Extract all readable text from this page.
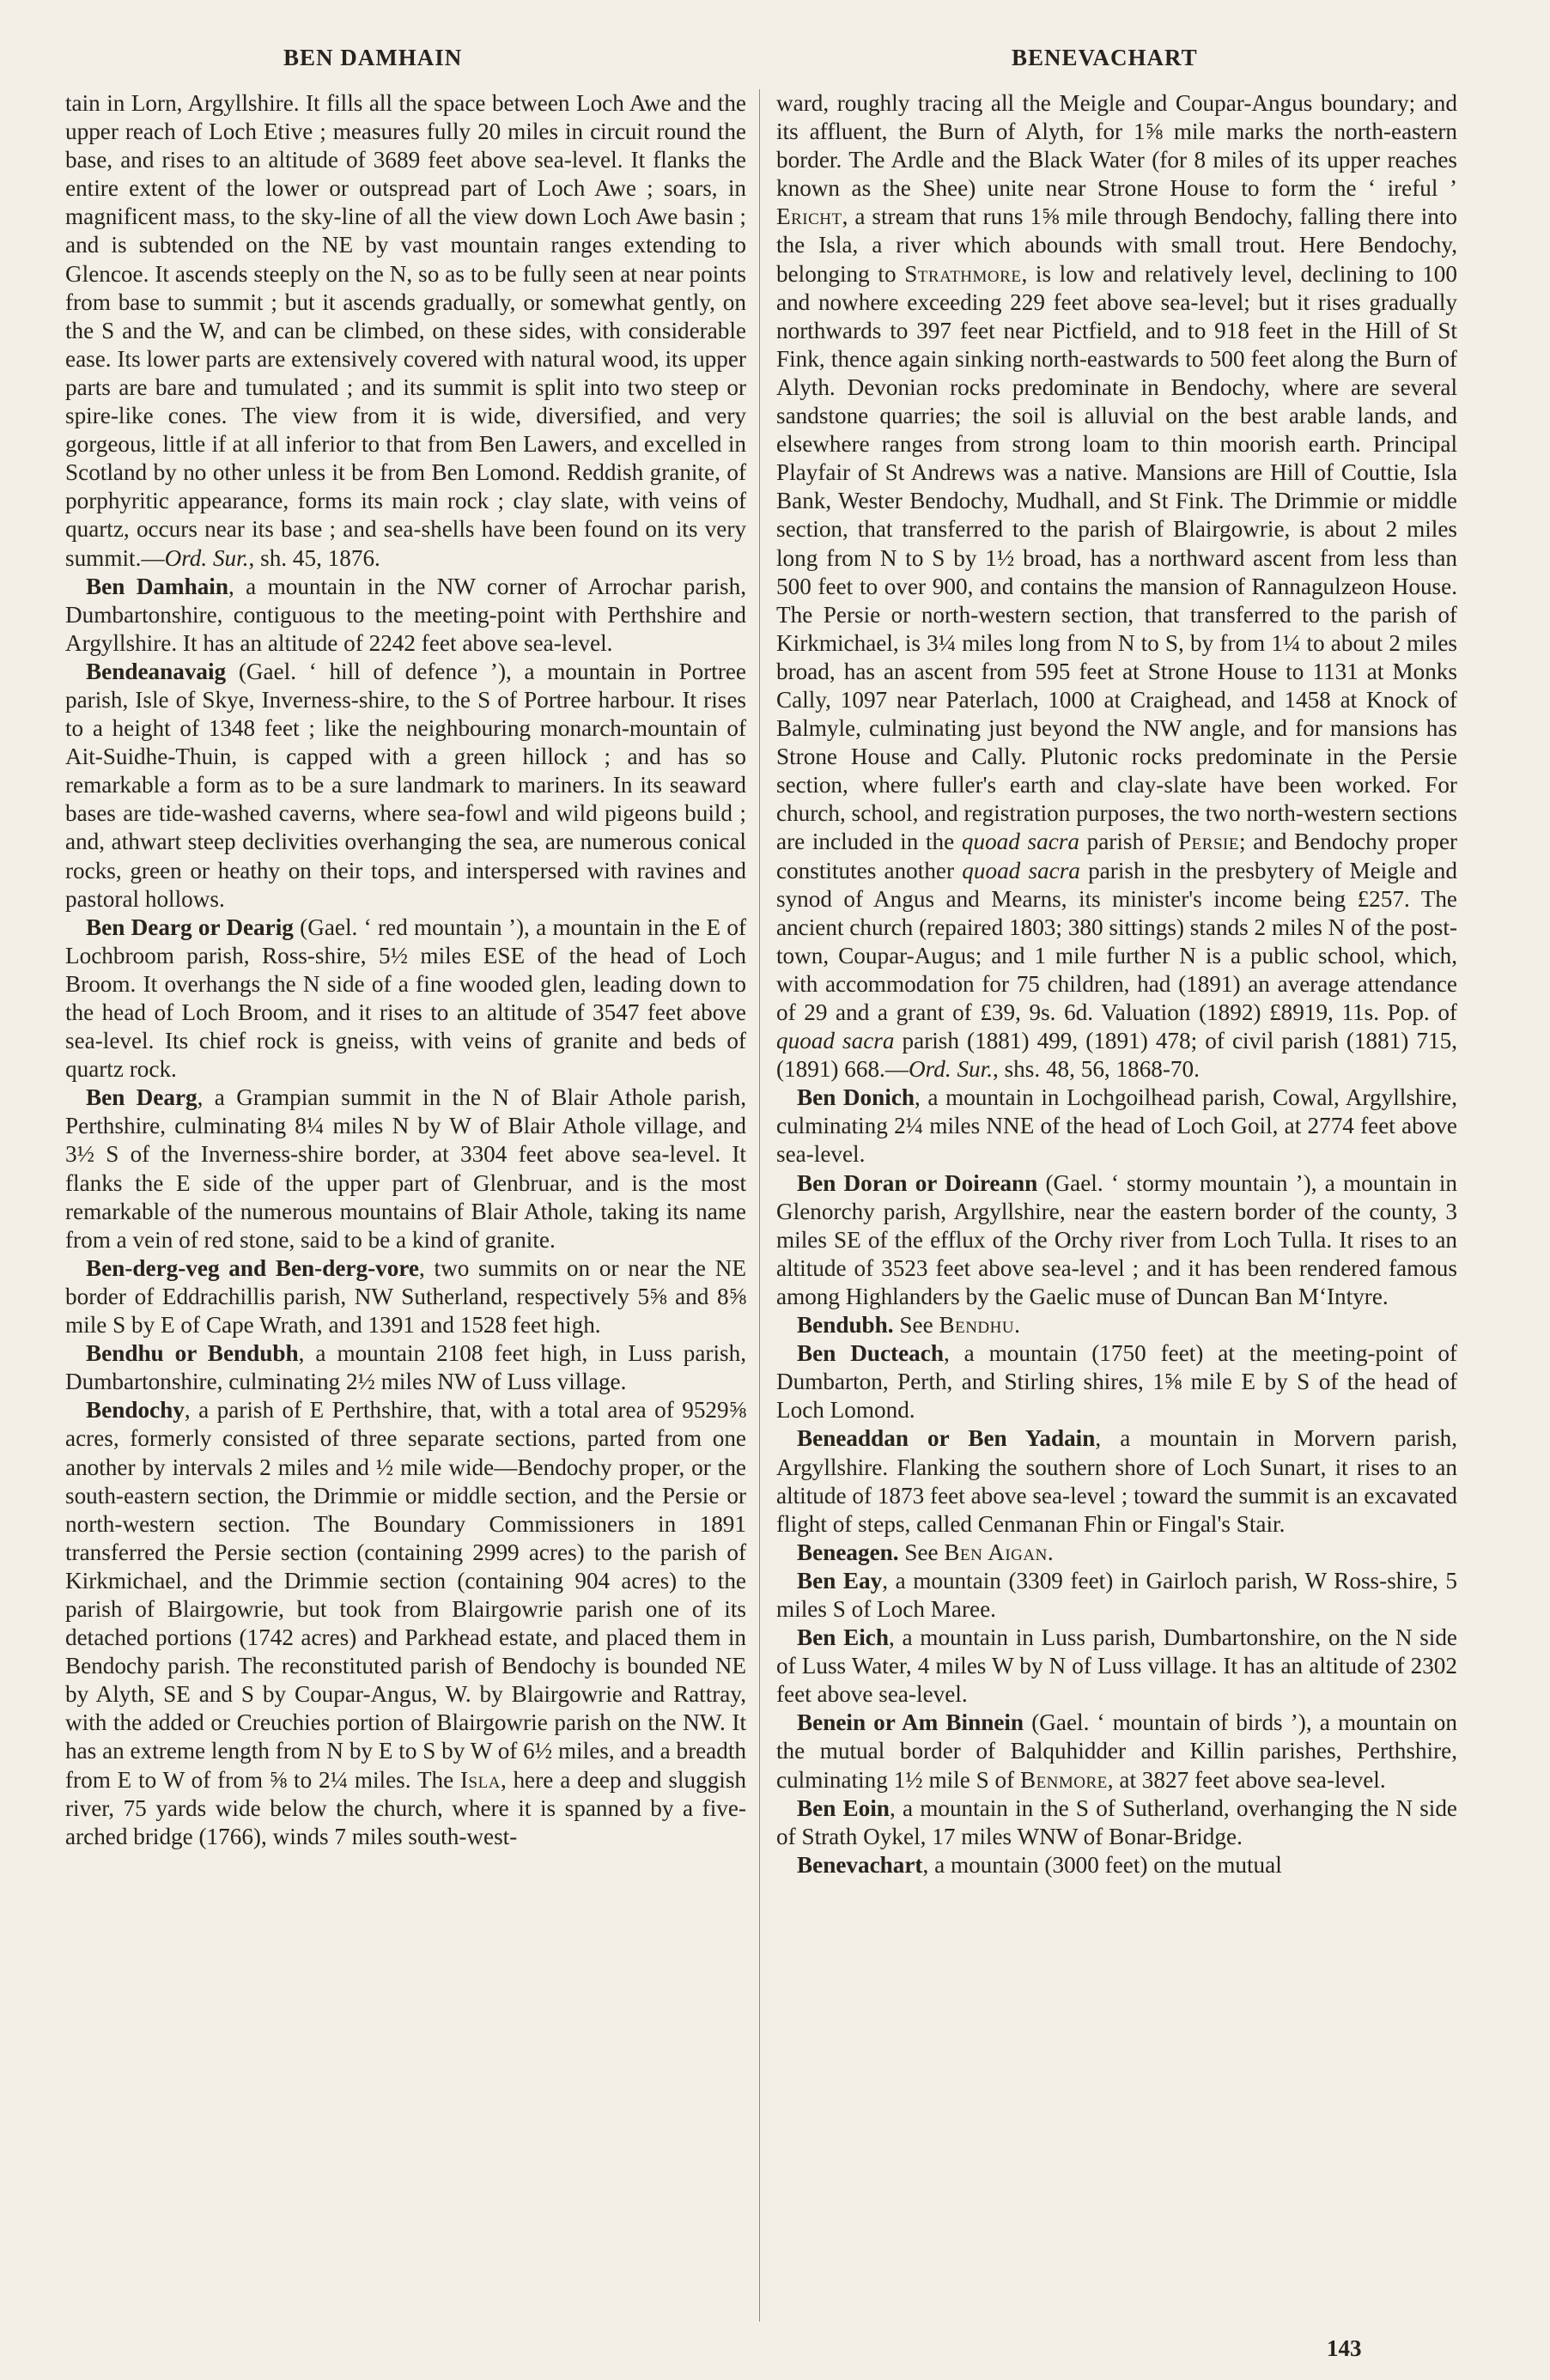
BEN DAMHAIN	BENEVACHART

tain in Lorn, Argyllshire. It fills all the space between Loch Awe and the upper reach of Loch Etive ; measures fully 20 miles in circuit round the base, and rises to an altitude of 3689 feet above sea-level. It flanks the entire extent of the lower or outspread part of Loch Awe ; soars, in magnificent mass, to the sky-line of all the view down Loch Awe basin ; and is subtended on the NE by vast mountain ranges extending to Glencoe. It ascends steeply on the N, so as to be fully seen at near points from base to summit ; but it ascends gradually, or somewhat gently, on the S and the W, and can be climbed, on these sides, with considerable ease. Its lower parts are extensively covered with natural wood, its upper parts are bare and tumulated ; and its summit is split into two steep or spire-like cones. The view from it is wide, diversified, and very gorgeous, little if at all inferior to that from Ben Lawers, and excelled in Scotland by no other unless it be from Ben Lomond. Reddish granite, of porphyritic appearance, forms its main rock ; clay slate, with veins of quartz, occurs near its base ; and sea-shells have been found on its very summit.—Ord. Sur., sh. 45, 1876.

Ben Damhain, a mountain in the NW corner of Arrochar parish, Dumbartonshire, contiguous to the meeting-point with Perthshire and Argyllshire. It has an altitude of 2242 feet above sea-level.

Bendeanavaig (Gael. ‘ hill of defence ’), a mountain in Portree parish, Isle of Skye, Inverness-shire, to the S of Portree harbour. It rises to a height of 1348 feet ; like the neighbouring monarch-mountain of Ait-Suidhe-Thuin, is capped with a green hillock ; and has so remarkable a form as to be a sure landmark to mariners. In its seaward bases are tide-washed caverns, where sea-fowl and wild pigeons build ; and, athwart steep declivities overhanging the sea, are numerous conical rocks, green or heathy on their tops, and interspersed with ravines and pastoral hollows.

Ben Dearg or Dearig (Gael. ‘ red mountain ’), a mountain in the E of Lochbroom parish, Ross-shire, 5½ miles ESE of the head of Loch Broom. It overhangs the N side of a fine wooded glen, leading down to the head of Loch Broom, and it rises to an altitude of 3547 feet above sea-level. Its chief rock is gneiss, with veins of granite and beds of quartz rock.

Ben Dearg, a Grampian summit in the N of Blair Athole parish, Perthshire, culminating 8¼ miles N by W of Blair Athole village, and 3½ S of the Inverness-shire border, at 3304 feet above sea-level. It flanks the E side of the upper part of Glenbruar, and is the most remarkable of the numerous mountains of Blair Athole, taking its name from a vein of red stone, said to be a kind of granite.

Ben-derg-veg and Ben-derg-vore, two summits on or near the NE border of Eddrachillis parish, NW Sutherland, respectively 5⅝ and 8⅝ mile S by E of Cape Wrath, and 1391 and 1528 feet high.

Bendhu or Bendubh, a mountain 2108 feet high, in Luss parish, Dumbartonshire, culminating 2½ miles NW of Luss village.

Bendochy, a parish of E Perthshire, that, with a total area of 9529⅝ acres, formerly consisted of three separate sections, parted from one another by intervals 2 miles and ½ mile wide—Bendochy proper, or the south-eastern section, the Drimmie or middle section, and the Persie or north-western section. The Boundary Commissioners in 1891 transferred the Persie section (containing 2999 acres) to the parish of Kirkmichael, and the Drimmie section (containing 904 acres) to the parish of Blairgowrie, but took from Blairgowrie parish one of its detached portions (1742 acres) and Parkhead estate, and placed them in Bendochy parish. The reconstituted parish of Bendochy is bounded NE by Alyth, SE and S by Coupar-Angus, W. by Blairgowrie and Rattray, with the added or Creuchies portion of Blairgowrie parish on the NW. It has an extreme length from N by E to S by W of 6½ miles, and a breadth from E to W of from ⅝ to 2¼ miles. The Isla, here a deep and sluggish river, 75 yards wide below the church, where it is spanned by a five-arched bridge (1766), winds 7 miles south-west-

ward, roughly tracing all the Meigle and Coupar-Angus boundary; and its affluent, the Burn of Alyth, for 1⅝ mile marks the north-eastern border. The Ardle and the Black Water (for 8 miles of its upper reaches known as the Shee) unite near Strone House to form the ‘ ireful ’ Ericht, a stream that runs 1⅝ mile through Bendochy, falling there into the Isla, a river which abounds with small trout. Here Bendochy, belonging to Strathmore, is low and relatively level, declining to 100 and nowhere exceeding 229 feet above sea-level; but it rises gradually northwards to 397 feet near Pictfield, and to 918 feet in the Hill of St Fink, thence again sinking north-eastwards to 500 feet along the Burn of Alyth. Devonian rocks predominate in Bendochy, where are several sandstone quarries; the soil is alluvial on the best arable lands, and elsewhere ranges from strong loam to thin moorish earth. Principal Playfair of St Andrews was a native. Mansions are Hill of Couttie, Isla Bank, Wester Bendochy, Mudhall, and St Fink. The Drimmie or middle section, that transferred to the parish of Blairgowrie, is about 2 miles long from N to S by 1½ broad, has a northward ascent from less than 500 feet to over 900, and contains the mansion of Rannagulzeon House. The Persie or north-western section, that transferred to the parish of Kirkmichael, is 3¼ miles long from N to S, by from 1¼ to about 2 miles broad, has an ascent from 595 feet at Strone House to 1131 at Monks Cally, 1097 near Paterlach, 1000 at Craighead, and 1458 at Knock of Balmyle, culminating just beyond the NW angle, and for mansions has Strone House and Cally. Plutonic rocks predominate in the Persie section, where fuller's earth and clay-slate have been worked. For church, school, and registration purposes, the two north-western sections are included in the quoad sacra parish of Persie; and Bendochy proper constitutes another quoad sacra parish in the presbytery of Meigle and synod of Angus and Mearns, its minister's income being £257. The ancient church (repaired 1803; 380 sittings) stands 2 miles N of the post-town, Coupar-Augus; and 1 mile further N is a public school, which, with accommodation for 75 children, had (1891) an average attendance of 29 and a grant of £39, 9s. 6d. Valuation (1892) £8919, 11s. Pop. of quoad sacra parish (1881) 499, (1891) 478; of civil parish (1881) 715, (1891) 668.—Ord. Sur., shs. 48, 56, 1868-70.

Ben Donich, a mountain in Lochgoilhead parish, Cowal, Argyllshire, culminating 2¼ miles NNE of the head of Loch Goil, at 2774 feet above sea-level.

Ben Doran or Doireann (Gael. ‘ stormy mountain ’), a mountain in Glenorchy parish, Argyllshire, near the eastern border of the county, 3 miles SE of the efflux of the Orchy river from Loch Tulla. It rises to an altitude of 3523 feet above sea-level ; and it has been rendered famous among Highlanders by the Gaelic muse of Duncan Ban M‘Intyre.

Bendubh. See Bendhu.

Ben Ducteach, a mountain (1750 feet) at the meeting-point of Dumbarton, Perth, and Stirling shires, 1⅝ mile E by S of the head of Loch Lomond.

Beneaddan or Ben Yadain, a mountain in Morvern parish, Argyllshire. Flanking the southern shore of Loch Sunart, it rises to an altitude of 1873 feet above sea-level ; toward the summit is an excavated flight of steps, called Cenmanan Fhin or Fingal's Stair.

Beneagen. See Ben Aigan.

Ben Eay, a mountain (3309 feet) in Gairloch parish, W Ross-shire, 5 miles S of Loch Maree.

Ben Eich, a mountain in Luss parish, Dumbartonshire, on the N side of Luss Water, 4 miles W by N of Luss village. It has an altitude of 2302 feet above sea-level.

Benein or Am Binnein (Gael. ‘ mountain of birds ’), a mountain on the mutual border of Balquhidder and Killin parishes, Perthshire, culminating 1½ mile S of Benmore, at 3827 feet above sea-level.

Ben Eoin, a mountain in the S of Sutherland, overhanging the N side of Strath Oykel, 17 miles WNW of Bonar-Bridge.

Benevachart, a mountain (3000 feet) on the mutual

143
